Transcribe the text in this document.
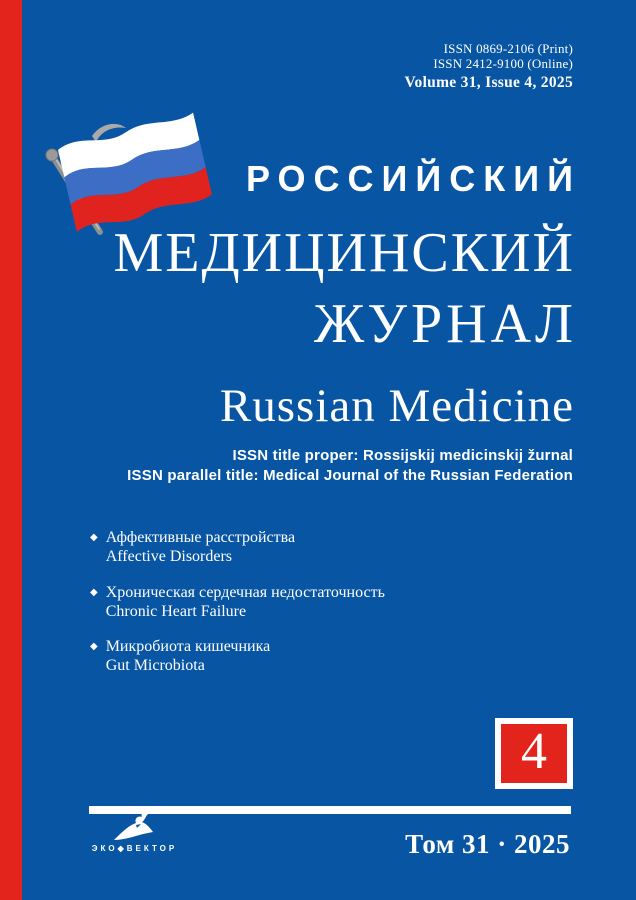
ISSN 0869-2106 (Print)
ISSN 2412-9100 (Online)
Volume 31, Issue 4, 2025
РОССИЙСКИЙ
МЕДИЦИНСКИЙ
ЖУРНАЛ
Russian Medicine
ISSN title proper: Rossijskij medicinskij žurnal
ISSN parallel title: Medical Journal of the Russian Federation
◆ Аффективные расстройства
Affective Disorders
◆ Хроническая сердечная недостаточность
Chronic Heart Failure
◆ Микробиота кишечника
Gut Microbiota
4
ЭКО◆ВЕКТОР	Том 31 · 2025
